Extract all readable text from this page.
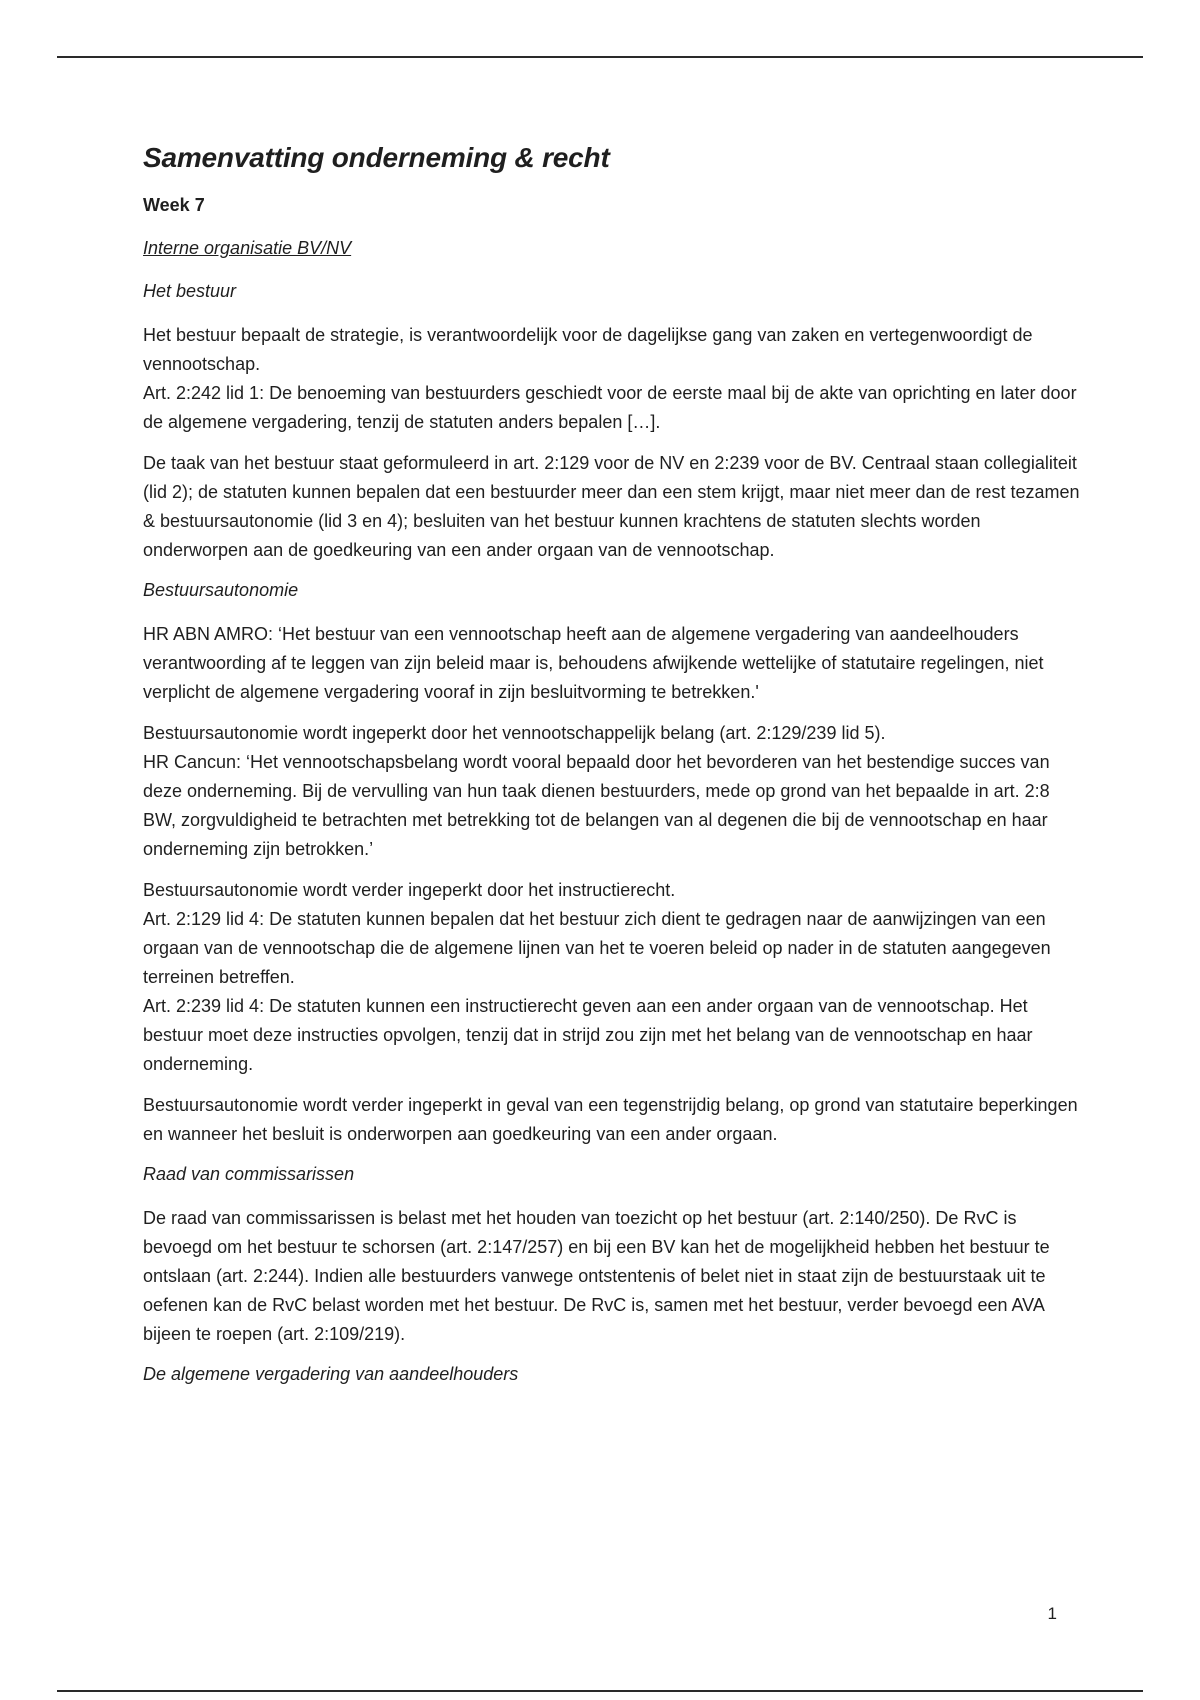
Samenvatting onderneming & recht
Week 7
Interne organisatie BV/NV
Het bestuur
Het bestuur bepaalt de strategie, is verantwoordelijk voor de dagelijkse gang van zaken en vertegenwoordigt de vennootschap.
Art. 2:242 lid 1: De benoeming van bestuurders geschiedt voor de eerste maal bij de akte van oprichting en later door de algemene vergadering, tenzij de statuten anders bepalen […].
De taak van het bestuur staat geformuleerd in art. 2:129 voor de NV en 2:239 voor de BV. Centraal staan collegialiteit (lid 2); de statuten kunnen bepalen dat een bestuurder meer dan een stem krijgt, maar niet meer dan de rest tezamen & bestuursautonomie (lid 3 en 4); besluiten van het bestuur kunnen krachtens de statuten slechts worden onderworpen aan de goedkeuring van een ander orgaan van de vennootschap.
Bestuursautonomie
HR ABN AMRO: ‘Het bestuur van een vennootschap heeft aan de algemene vergadering van aandeelhouders verantwoording af te leggen van zijn beleid maar is, behoudens afwijkende wettelijke of statutaire regelingen, niet verplicht de algemene vergadering vooraf in zijn besluitvorming te betrekken.'
Bestuursautonomie wordt ingeperkt door het vennootschappelijk belang (art. 2:129/239 lid 5).
HR Cancun: ‘Het vennootschapsbelang wordt vooral bepaald door het bevorderen van het bestendige succes van deze onderneming. Bij de vervulling van hun taak dienen bestuurders, mede op grond van het bepaalde in art. 2:8 BW, zorgvuldigheid te betrachten met betrekking tot de belangen van al degenen die bij de vennootschap en haar onderneming zijn betrokken.’
Bestuursautonomie wordt verder ingeperkt door het instructierecht.
Art. 2:129 lid 4: De statuten kunnen bepalen dat het bestuur zich dient te gedragen naar de aanwijzingen van een orgaan van de vennootschap die de algemene lijnen van het te voeren beleid op nader in de statuten aangegeven terreinen betreffen.
Art. 2:239 lid 4: De statuten kunnen een instructierecht geven aan een ander orgaan van de vennootschap. Het bestuur moet deze instructies opvolgen, tenzij dat in strijd zou zijn met het belang van de vennootschap en haar onderneming.
Bestuursautonomie wordt verder ingeperkt in geval van een tegenstrijdig belang, op grond van statutaire beperkingen en wanneer het besluit is onderworpen aan goedkeuring van een ander orgaan.
Raad van commissarissen
De raad van commissarissen is belast met het houden van toezicht op het bestuur (art. 2:140/250). De RvC is bevoegd om het bestuur te schorsen (art. 2:147/257) en bij een BV kan het de mogelijkheid hebben het bestuur te ontslaan (art. 2:244). Indien alle bestuurders vanwege ontstentenis of belet niet in staat zijn de bestuurstaak uit te oefenen kan de RvC belast worden met het bestuur. De RvC is, samen met het bestuur, verder bevoegd een AVA bijeen te roepen (art. 2:109/219).
De algemene vergadering van aandeelhouders
1
